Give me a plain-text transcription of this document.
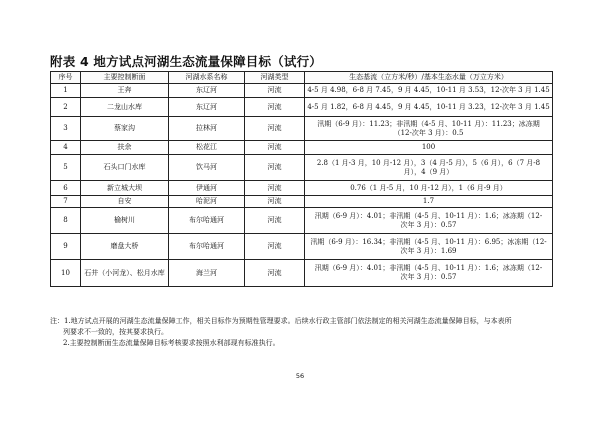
附表 4 地方试点河湖生态流量保障目标（试行）
序号	主要控制断面	河湖水系名称	河湖类型	生态基流（立方米/秒）/基本生态水量（万立方米）
1	王奔	东辽河	河流	4-5 月 4.98，6-8 月 7.45，9 月 4.45，10-11 月 3.53，12-次年 3 月 1.45

2	二龙山水库	东辽河	河流	4-5 月 1.82，6-8 月 4.45，9 月 4.45，10-11 月 3.23，12-次年 3 月 1.45

3	蔡家沟	拉林河	河流	汛期（6-9 月）：11.23；非汛期（4-5 月、10-11 月）：11.23；冰冻期
（12-次年 3 月）：0.5

4	扶余	松花江	河流	100

5	石头口门水库	饮马河	河流	2.8（1 月-3 月，10 月-12 月），3（4 月-5 月），5（6 月），6（7 月-8
月），4（9 月）

6	新立城大坝	伊通河	河流	0.76（1 月-5 月，10 月-12 月），1（6 月-9 月）

7	自安	哈泥河	河流	1.7

8	榆树川	布尔哈通河	河流	汛期（6-9 月）：4.01；非汛期（4-5 月、10-11 月）：1.6；冰冻期（12-
次年 3 月）：0.57

9	磨盘大桥	布尔哈通河	河流	汛期（6-9 月）：16.34；非汛期（4-5 月、10-11 月）：6.95；冰冻期（12-
次年 3 月）：1.69

10	石井（小河龙）、松月水库	海兰河	河流	汛期（6-9 月）：4.01；非汛期（4-5 月、10-11 月）：1.6；冰冻期（12-
次年 3 月）：0.57
注：1.地方试点开展的河湖生态流量保障工作，相关目标作为预期性管理要求。后续水行政主管部门依法制定的相关河湖生态流量保障目标，与本表所
列要求不一致的，按其要求执行。
2.主要控制断面生态流量保障目标考核要求按照水利部现有标准执行。
56
